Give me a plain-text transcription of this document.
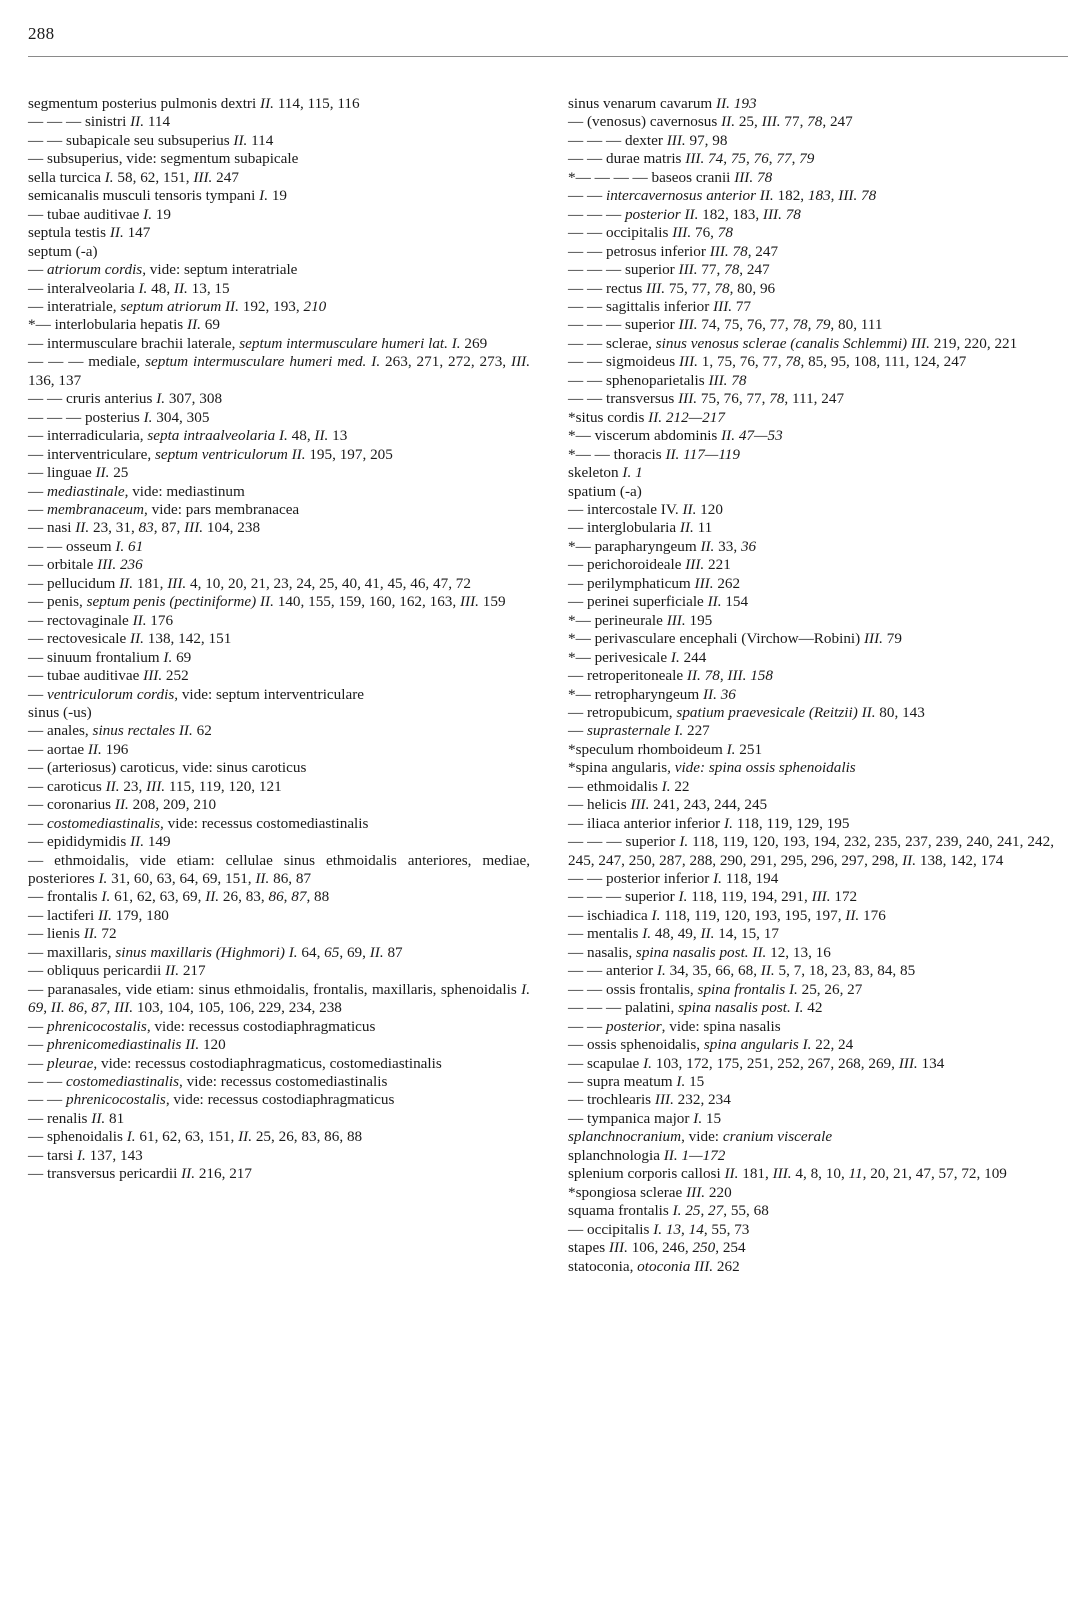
288
segmentum posterius pulmonis dextri II. 114, 115, 116
— — — sinistri II. 114
— — subapicale seu subsuperius II. 114
— subsuperius, vide: segmentum subapicale
sella turcica I. 58, 62, 151, III. 247
semicanalis musculi tensoris tympani I. 19
— tubae auditivae I. 19
septula testis II. 147
septum (-a)
— atriorum cordis, vide: septum interatriale
— interalveolaria I. 48, II. 13, 15
— interatriale, septum atriorum II. 192, 193, 210
*— interlobularia hepatis II. 69
— intermusculare brachii laterale, septum intermusculare humeri lat. I. 269
— — — mediale, septum intermusculare humeri med. I. 263, 271, 272, 273, III. 136, 137
— — cruris anterius I. 307, 308
— — — posterius I. 304, 305
— interradicularia, septa intraalveolaria I. 48, II. 13
— interventriculare, septum ventriculorum II. 195, 197, 205
— linguae II. 25
— mediastinale, vide: mediastinum
— membranaceum, vide: pars membranacea
— nasi II. 23, 31, 83, 87, III. 104, 238
— — osseum I. 61
— orbitale III. 236
— pellucidum II. 181, III. 4, 10, 20, 21, 23, 24, 25, 40, 41, 45, 46, 47, 72
— penis, septum penis (pectiniforme) II. 140, 155, 159, 160, 162, 163, III. 159
— rectovaginale II. 176
— rectovesicale II. 138, 142, 151
— sinuum frontalium I. 69
— tubae auditivae III. 252
— ventriculorum cordis, vide: septum interventriculare
sinus (-us)
— anales, sinus rectales II. 62
— aortae II. 196
— (arteriosus) caroticus, vide: sinus caroticus
— caroticus II. 23, III. 115, 119, 120, 121
— coronarius II. 208, 209, 210
— costomediastinalis, vide: recessus costomediastinalis
— epididymidis II. 149
— ethmoidalis, vide etiam: cellulae sinus ethmoidalis anteriores, mediae, posteriores I. 31, 60, 63, 64, 69, 151, II. 86, 87
— frontalis I. 61, 62, 63, 69, II. 26, 83, 86, 87, 88
— lactiferi II. 179, 180
— lienis II. 72
— maxillaris, sinus maxillaris (Highmori) I. 64, 65, 69, II. 87
— obliquus pericardii II. 217
— paranasales, vide etiam: sinus ethmoidalis, frontalis, maxillaris, sphenoidalis I. 69, II. 86, 87, III. 103, 104, 105, 106, 229, 234, 238
— phrenicocostalis, vide: recessus costodiaphragmaticus
— phrenicomediastinalis II. 120
— pleurae, vide: recessus costodiaphragmaticus, costomediastinalis
— — costomediastinalis, vide: recessus costomediastinalis
— — phrenicocostalis, vide: recessus costodiaphragmaticus
— renalis II. 81
— sphenoidalis I. 61, 62, 63, 151, II. 25, 26, 83, 86, 88
— tarsi I. 137, 143
— transversus pericardii II. 216, 217
sinus venarum cavarum II. 193
— (venosus) cavernosus II. 25, III. 77, 78, 247
— — — dexter III. 97, 98
— — durae matris III. 74, 75, 76, 77, 79
*— — — — baseos cranii III. 78
— — intercavernosus anterior II. 182, 183, III. 78
— — — posterior II. 182, 183, III. 78
— — occipitalis III. 76, 78
— — petrosus inferior III. 78, 247
— — — superior III. 77, 78, 247
— — rectus III. 75, 77, 78, 80, 96
— — sagittalis inferior III. 77
— — — superior III. 74, 75, 76, 77, 78, 79, 80, 111
— — sclerae, sinus venosus sclerae (canalis Schlemmi) III. 219, 220, 221
— — sigmoideus III. 1, 75, 76, 77, 78, 85, 95, 108, 111, 124, 247
— — sphenoparietalis III. 78
— — transversus III. 75, 76, 77, 78, 111, 247
*situs cordis II. 212—217
*— viscerum abdominis II. 47—53
*— — thoracis II. 117—119
skeleton I. 1
spatium (-a)
— intercostale IV. II. 120
— interglobularia II. 11
*— parapharyngeum II. 33, 36
— perichoroideale III. 221
— perilymphaticum III. 262
— perinei superficiale II. 154
*— perineurale III. 195
*— perivasculare encephali (Virchow—Robini) III. 79
*— perivesicale I. 244
— retroperitoneale II. 78, III. 158
*— retropharyngeum II. 36
— retropubicum, spatium praevesicale (Reitzii) II. 80, 143
— suprasternale I. 227
*speculum rhomboideum I. 251
*spina angularis, vide: spina ossis sphenoidalis
— ethmoidalis I. 22
— helicis III. 241, 243, 244, 245
— iliaca anterior inferior I. 118, 119, 129, 195
— — — superior I. 118, 119, 120, 193, 194, 232, 235, 237, 239, 240, 241, 242, 245, 247, 250, 287, 288, 290, 291, 295, 296, 297, 298, II. 138, 142, 174
— — posterior inferior I. 118, 194
— — — superior I. 118, 119, 194, 291, III. 172
— ischiadica I. 118, 119, 120, 193, 195, 197, II. 176
— mentalis I. 48, 49, II. 14, 15, 17
— nasalis, spina nasalis post. II. 12, 13, 16
— — anterior I. 34, 35, 66, 68, II. 5, 7, 18, 23, 83, 84, 85
— — ossis frontalis, spina frontalis I. 25, 26, 27
— — — palatini, spina nasalis post. I. 42
— — posterior, vide: spina nasalis
— ossis sphenoidalis, spina angularis I. 22, 24
— scapulae I. 103, 172, 175, 251, 252, 267, 268, 269, III. 134
— supra meatum I. 15
— trochlearis III. 232, 234
— tympanica major I. 15
splanchnocranium, vide: cranium viscerale
splanchnologia II. 1—172
splenium corporis callosi II. 181, III. 4, 8, 10, 11, 20, 21, 47, 57, 72, 109
*spongiosa sclerae III. 220
squama frontalis I. 25, 27, 55, 68
— occipitalis I. 13, 14, 55, 73
stapes III. 106, 246, 250, 254
statoconia, otoconia III. 262
